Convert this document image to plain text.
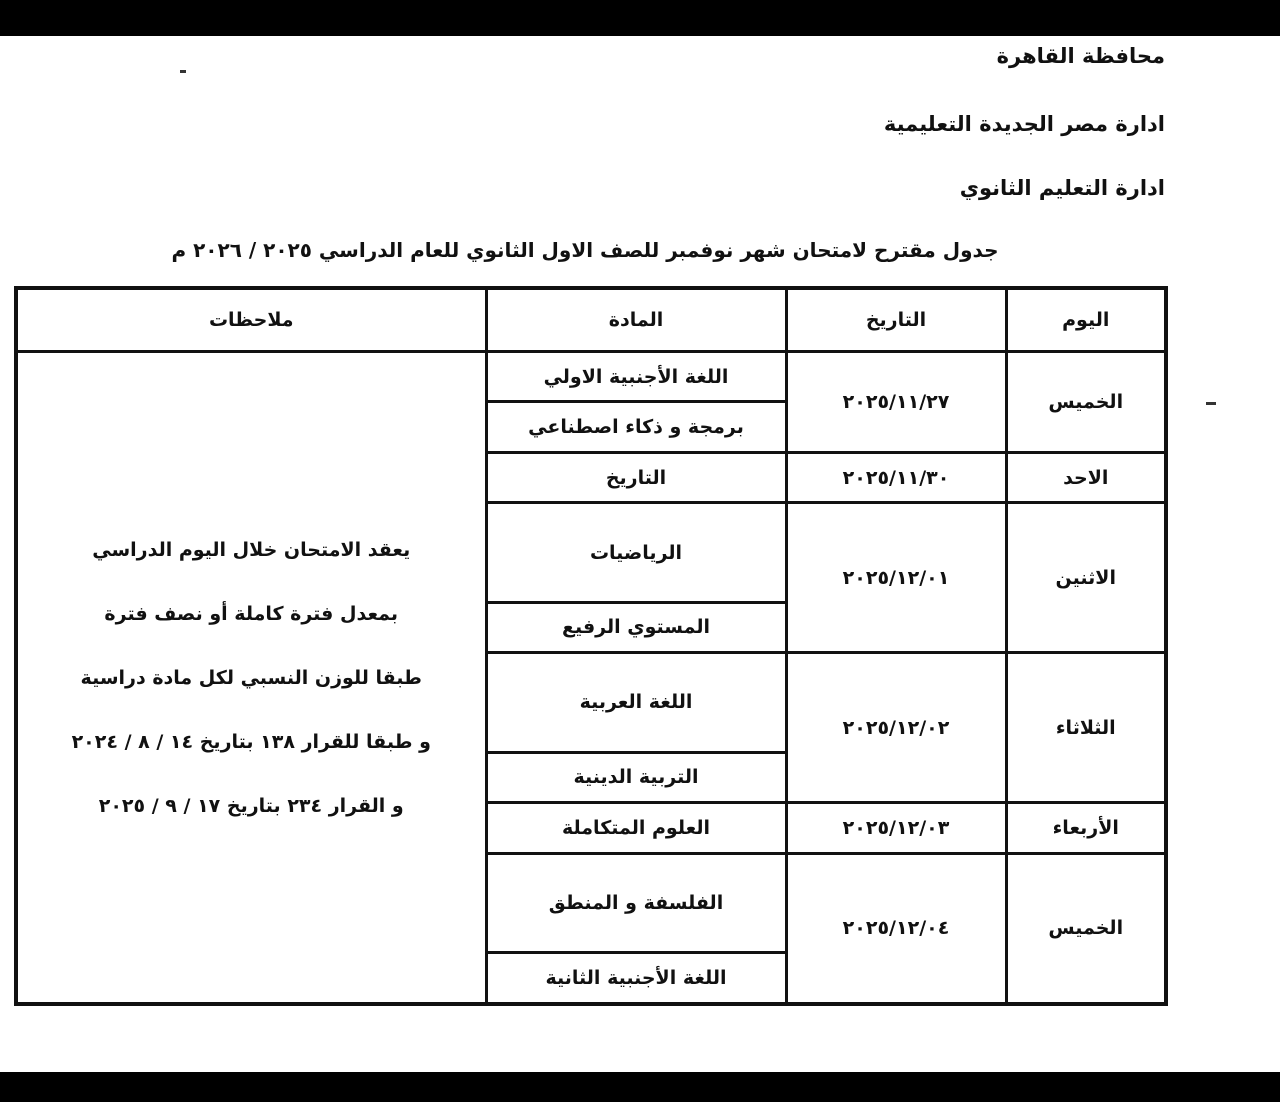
محافظة القاهرة
ادارة مصر الجديدة التعليمية
ادارة التعليم الثانوي
جدول مقترح لامتحان شهر نوفمبر للصف الاول الثانوي للعام الدراسي ٢٠٢٥ / ٢٠٢٦ م
اليوم	التاريخ	المادة	ملاحظات
الخميس	٢٠٢٥/١١/٢٧	اللغة الأجنبية الاولي	يعقد الامتحان خلال اليوم الدراسي
بمعدل فترة كاملة أو نصف فترة
طبقا للوزن النسبي لكل مادة دراسية
و طبقا للقرار ١٣٨ بتاريخ ١٤ / ٨ / ٢٠٢٤
و القرار ٢٣٤ بتاريخ ١٧ / ٩ / ٢٠٢٥

		برمجة و ذكاء اصطناعي	
الاحد	٢٠٢٥/١١/٣٠	التاريخ	
الاثنين	٢٠٢٥/١٢/٠١	الرياضيات	
		المستوي الرفيع	
الثلاثاء	٢٠٢٥/١٢/٠٢	اللغة العربية	
		التربية الدينية	
الأربعاء	٢٠٢٥/١٢/٠٣	العلوم المتكاملة	
الخميس	٢٠٢٥/١٢/٠٤	الفلسفة و المنطق	
		اللغة الأجنبية الثانية	
